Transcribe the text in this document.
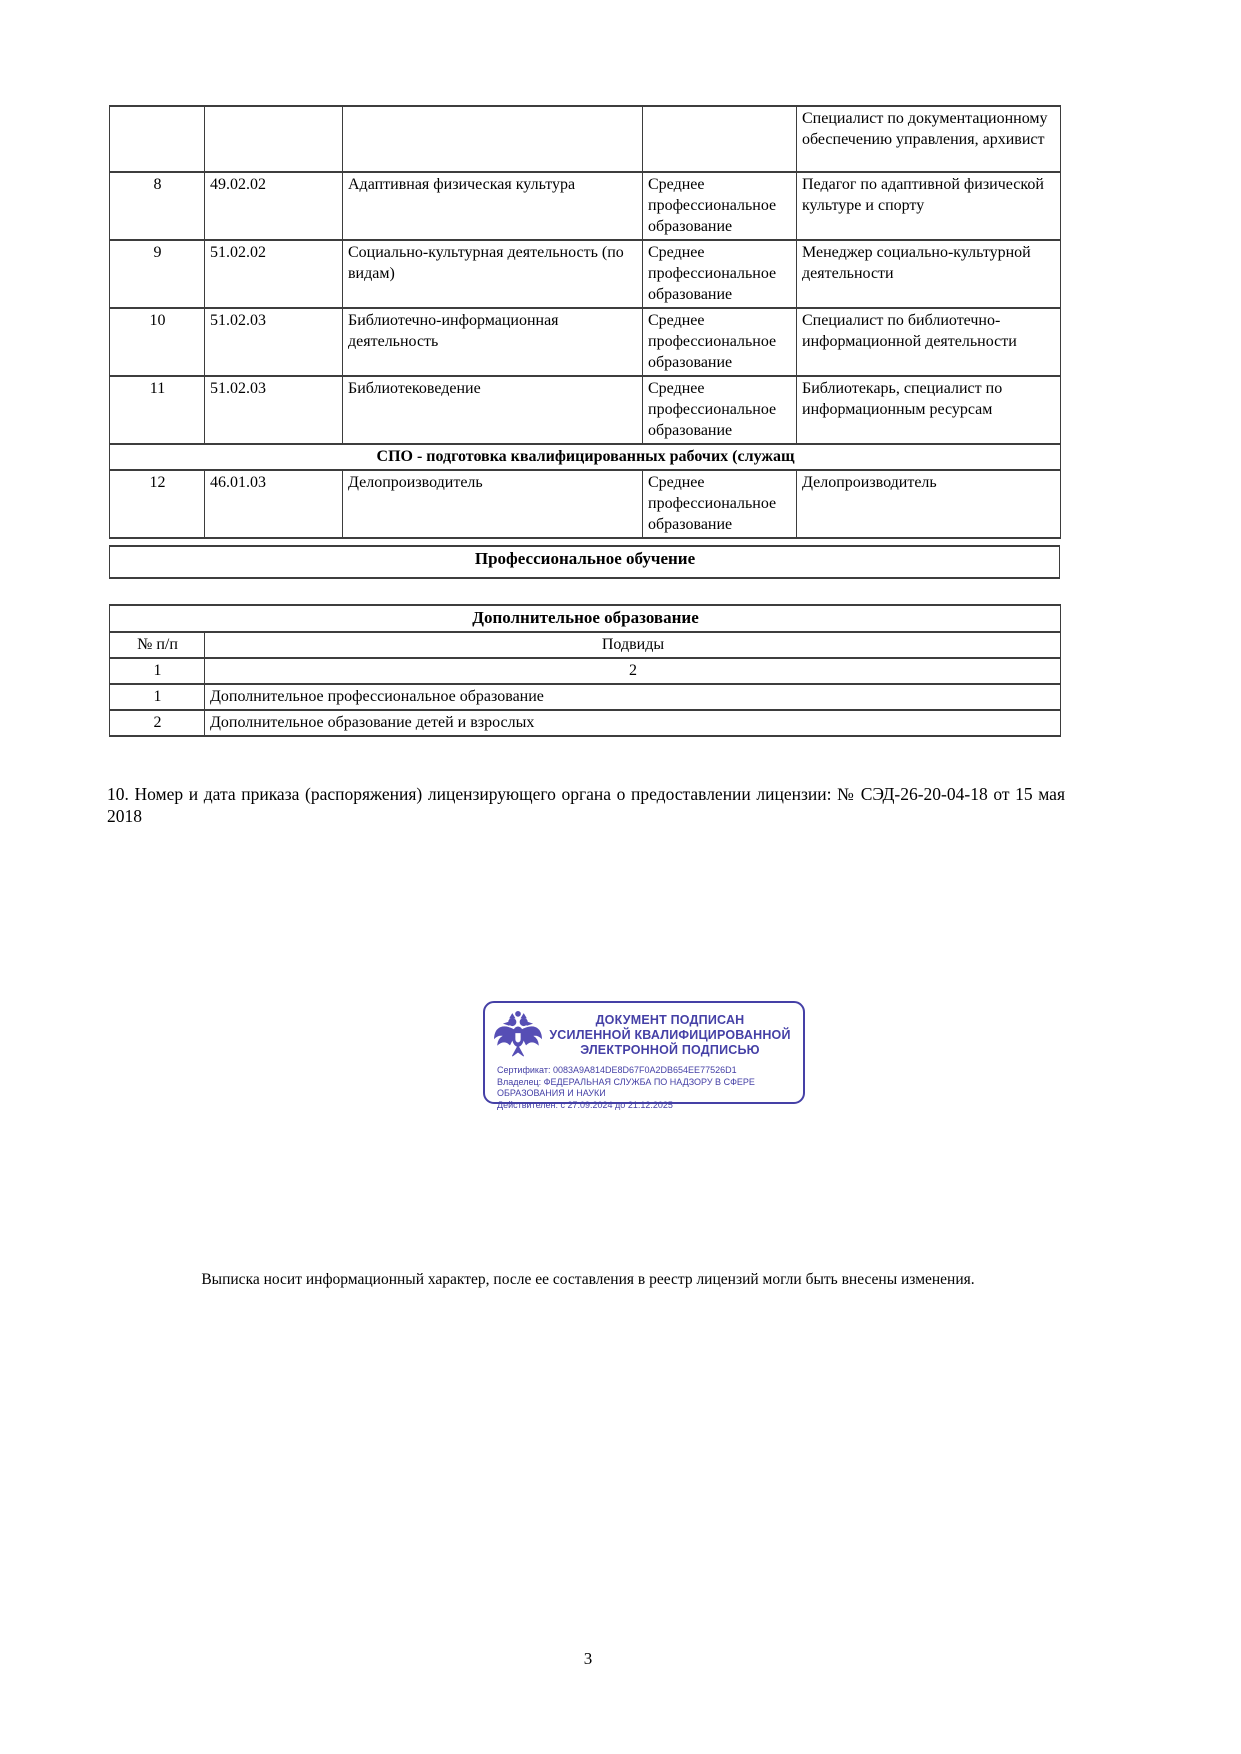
				Специалист по документационному обеспечению управления, архивист
8	49.02.02	Адаптивная физическая культура	Среднее профессиональное образование	Педагог по адаптивной физической культуре и спорту
9	51.02.02	Социально-культурная деятельность (по видам)	Среднее профессиональное образование	Менеджер социально-культурной деятельности
10	51.02.03	Библиотечно-информационная деятельность	Среднее профессиональное образование	Специалист по библиотечно-информационной деятельности
11	51.02.03	Библиотековедение	Среднее профессиональное образование	Библиотекарь, специалист по информационным ресурсам
СПО - подготовка квалифицированных рабочих (служащ				
12	46.01.03	Делопроизводитель	Среднее профессиональное образование	Делопроизводитель
Профессиональное обучение
Дополнительное образование	
№ п/п	Подвиды
1	2
1	Дополнительное профессиональное образование
2	Дополнительное образование детей и взрослых
10. Номер и дата приказа (распоряжения) лицензирующего органа о предоставлении лицензии: № СЭД-26-20-04-18 от 15 мая 2018
ДОКУМЕНТ ПОДПИСАН
УСИЛЕННОЙ КВАЛИФИЦИРОВАННОЙ
ЭЛЕКТРОННОЙ ПОДПИСЬЮ
Сертификат: 0083A9A814DE8D67F0A2DB654EE77526D1
Владелец: ФЕДЕРАЛЬНАЯ СЛУЖБА ПО НАДЗОРУ В СФЕРЕ ОБРАЗОВАНИЯ И НАУКИ
Действителен: с 27.09.2024 до 21.12.2025
Выписка носит информационный характер, после ее составления в реестр лицензий могли быть внесены изменения.
3
